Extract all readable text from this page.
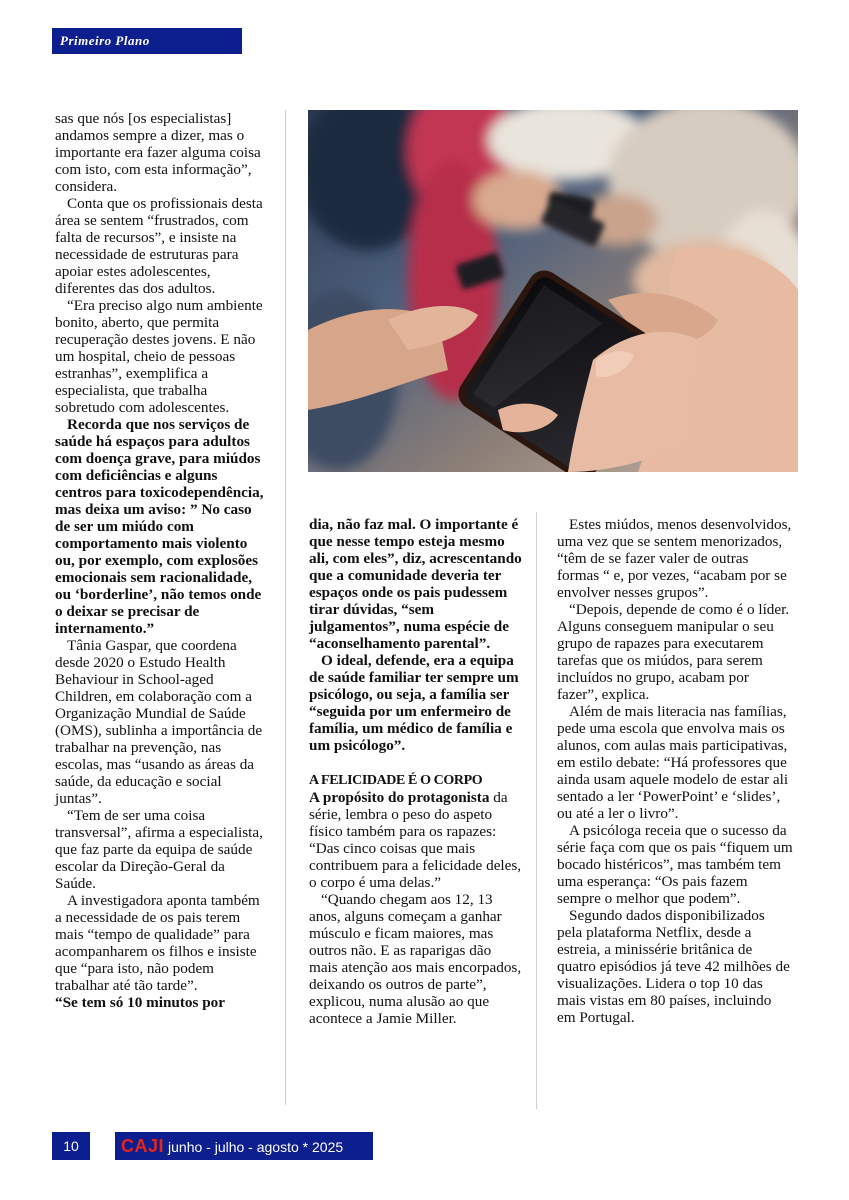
Primeiro Plano

sas que nós [os especialistas] andamos sempre a dizer, mas o importante era fazer alguma coisa com isto, com esta informação”, considera.

Conta que os profissionais desta área se sentem “frustrados, com falta de recursos”, e insiste na necessidade de estruturas para apoiar estes adolescentes, diferentes das dos adultos.

“Era preciso algo num ambiente bonito, aberto, que permita recuperação destes jovens. E não um hospital, cheio de pessoas estranhas”, exemplifica a especialista, que trabalha sobretudo com adolescentes.

Recorda que nos serviços de saúde há espaços para adultos com doença grave, para miúdos com deficiências e alguns centros para toxicodependência, mas deixa um aviso: ” No caso de ser um miúdo com comportamento mais violento ou, por exemplo, com explosões emocionais sem racionalidade, ou ‘borderline’, não temos onde o deixar se precisar de internamento.”

Tânia Gaspar, que coordena desde 2020 o Estudo Health Behaviour in School-aged Children, em colaboração com a Organização Mundial de Saúde (OMS), sublinha a importância de trabalhar na prevenção, nas escolas, mas “usando as áreas da saúde, da educação e social juntas”.

“Tem de ser uma coisa transversal”, afirma a especialista, que faz parte da equipa de saúde escolar da Direção-Geral da Saúde.

A investigadora aponta também a necessidade de os pais terem mais “tempo de qualidade” para acompanharem os filhos e insiste que “para isto, não podem trabalhar até tão tarde”.

“Se tem só 10 minutos por

dia, não faz mal. O importante é que nesse tempo esteja mesmo ali, com eles”, diz, acrescentando que a comunidade deveria ter espaços onde os pais pudessem tirar dúvidas, “sem julgamentos”, numa espécie de “aconselhamento parental”.

O ideal, defende, era a equipa de saúde familiar ter sempre um psicólogo, ou seja, a família ser “seguida por um enfermeiro de família, um médico de família e um psicólogo”.

A FELICIDADE É O CORPO

A propósito do protagonista da série, lembra o peso do aspeto físico também para os rapazes: “Das cinco coisas que mais contribuem para a felicidade deles, o corpo é uma delas.”

“Quando chegam aos 12, 13 anos, alguns começam a ganhar músculo e ficam maiores, mas outros não. E as raparigas dão mais atenção aos mais encorpados, deixando os outros de parte”, explicou, numa alusão ao que acontece a Jamie Miller.

Estes miúdos, menos desenvolvidos, uma vez que se sentem menorizados, “têm de se fazer valer de outras formas “ e, por vezes, “acabam por se envolver nesses grupos”.

“Depois, depende de como é o líder. Alguns conseguem manipular o seu grupo de rapazes para executarem tarefas que os miúdos, para serem incluídos no grupo, acabam por fazer”, explica.

Além de mais literacia nas famílias, pede uma escola que envolva mais os alunos, com aulas mais participativas, em estilo debate: “Há professores que ainda usam aquele modelo de estar ali sentado a ler ‘PowerPoint’ e ‘slides’, ou até a ler o livro”.

A psicóloga receia que o sucesso da série faça com que os pais “fiquem um bocado histéricos”, mas também tem uma esperança: “Os pais fazem sempre o melhor que podem”.

Segundo dados disponibilizados pela plataforma Netflix, desde a estreia, a minissérie britânica de quatro episódios já teve 42 milhões de visualizações. Lidera o top 10 das mais vistas em 80 países, incluindo em Portugal.

10	CAJI junho - julho - agosto * 2025
